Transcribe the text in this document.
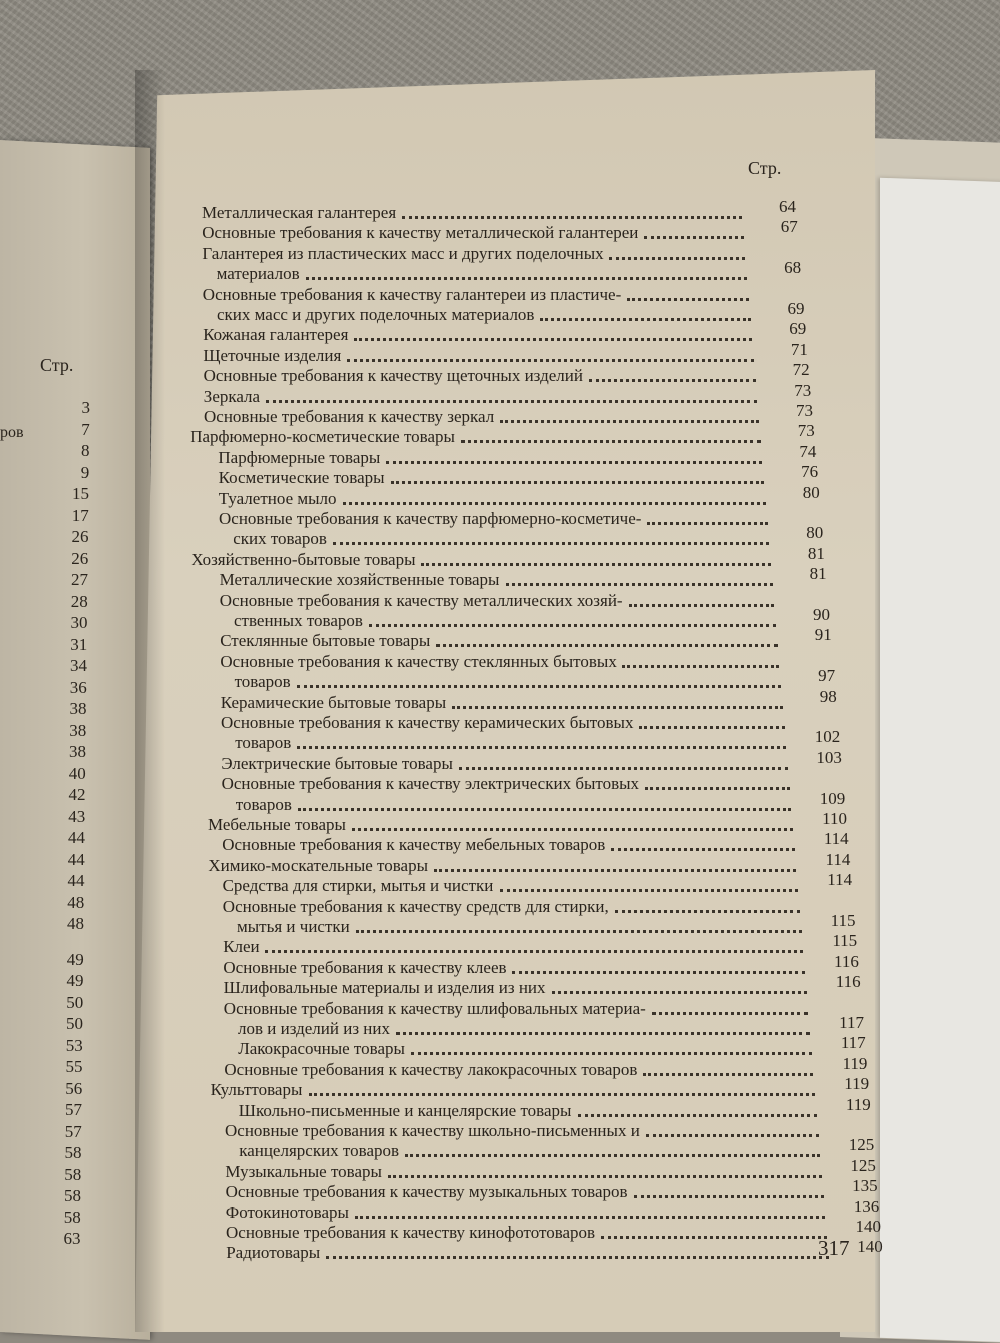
Стр.
ров
3
7
8
9
15
17
26
26
27
28
30
31
34
36
38
38
38
40
42
43
44
44
44
48
48
49
49
50
50
53
55
56
57
57
58
58
58
58
63
Стр.
Металлическая галантерея	64
Основные требования к качеству металлической галантереи	67
Галантерея из пластических масс и других поделочных
материалов	68
Основные требования к качеству галантереи из пластиче-
ских масс и других поделочных материалов	69
Кожаная галантерея	69
Щеточные изделия	71
Основные требования к качеству щеточных изделий	72
Зеркала	73
Основные требования к качеству зеркал	73
Парфюмерно-косметические товары	73
Парфюмерные товары	74
Косметические товары	76
Туалетное мыло	80
Основные требования к качеству парфюмерно-косметиче-
ских товаров	80
Хозяйственно-бытовые товары	81
Металлические хозяйственные товары	81
Основные требования к качеству металлических хозяй-
ственных товаров	90
Стеклянные бытовые товары	91
Основные требования к качеству стеклянных бытовых
товаров	97
Керамические бытовые товары	98
Основные требования к качеству керамических бытовых
товаров	102
Электрические бытовые товары	103
Основные требования к качеству электрических бытовых
товаров	109
Мебельные товары	110
Основные требования к качеству мебельных товаров	114
Химико-москательные товары	114
Средства для стирки, мытья и чистки	114
Основные требования к качеству средств для стирки,
мытья и чистки	115
Клеи	115
Основные требования к качеству клеев	116
Шлифовальные материалы и изделия из них	116
Основные требования к качеству шлифовальных материа-
лов и изделий из них	117
Лакокрасочные товары	117
Основные требования к качеству лакокрасочных товаров	119
Культтовары	119
Школьно-письменные и канцелярские товары	119
Основные требования к качеству школьно-письменных и
канцелярских товаров	125
Музыкальные товары	125
Основные требования к качеству музыкальных товаров	135
Фотокинотовары	136
Основные требования к качеству кинофототоваров	140
Радиотовары	140
317
